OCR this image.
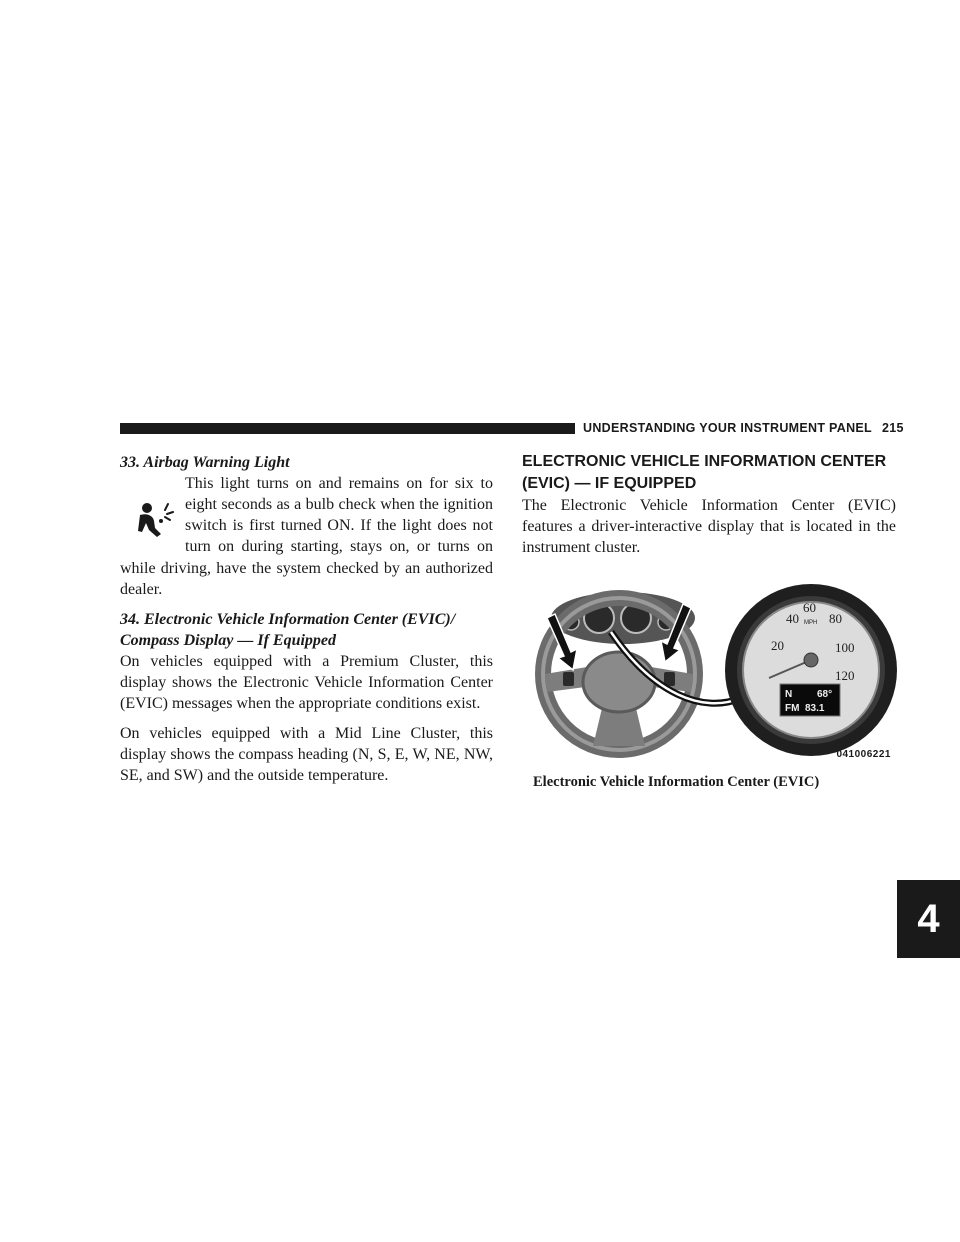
UNDERSTANDING YOUR INSTRUMENT PANEL 215
4

33. Airbag Warning Light

This light turns on and remains on for six to
eight seconds as a bulb check when the ignition
switch is first turned ON. If the light does not
turn on during starting, stays on, or turns on

while driving, have the system checked by an authorized dealer.

34. Electronic Vehicle Information Center (EVIC)/

Compass Display — If Equipped

On vehicles equipped with a Premium Cluster, this display shows the Electronic Vehicle Information Center (EVIC) messages when the appropriate conditions exist.

On vehicles equipped with a Mid Line Cluster, this display shows the compass heading (N, S, E, W, NE, NW, SE, and SW) and the outside temperature.

ELECTRONIC VEHICLE INFORMATION CENTER

(EVIC) — IF EQUIPPED

The Electronic Vehicle Information Center (EVIC) features a driver-interactive display that is located in the instrument cluster.

40
60
80
20	100
120
MPH
N 68°
FM 83.1
041006221
Electronic Vehicle Information Center (EVIC)
